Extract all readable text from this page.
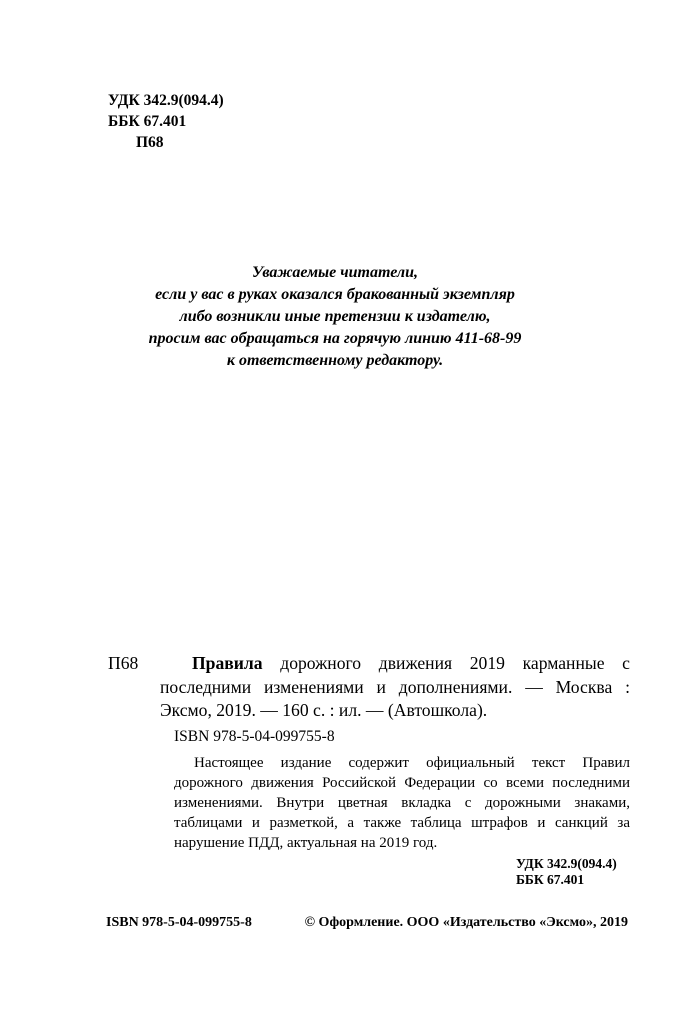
УДК 342.9(094.4)
ББК 67.401
П68
Уважаемые читатели,
если у вас в руках оказался бракованный экземпляр
либо возникли иные претензии к издателю,
просим вас обращаться на горячую линию 411-68-99
к ответственному редактору.
П68	Правила дорожного движения 2019 карманные с последними изменениями и дополнениями. — Москва : Эксмо, 2019. — 160 с. : ил. — (Автошкола).
ISBN 978-5-04-099755-8
Настоящее издание содержит официальный текст Правил дорожного движения Российской Федерации со всеми последними изменениями. Внутри цветная вкладка с дорожными знаками, таблицами и разметкой, а также таблица штрафов и санкций за нарушение ПДД, актуальная на 2019 год.
УДК 342.9(094.4)
ББК 67.401
ISBN 978-5-04-099755-8	© Оформление. ООО «Издательство «Эксмо», 2019
